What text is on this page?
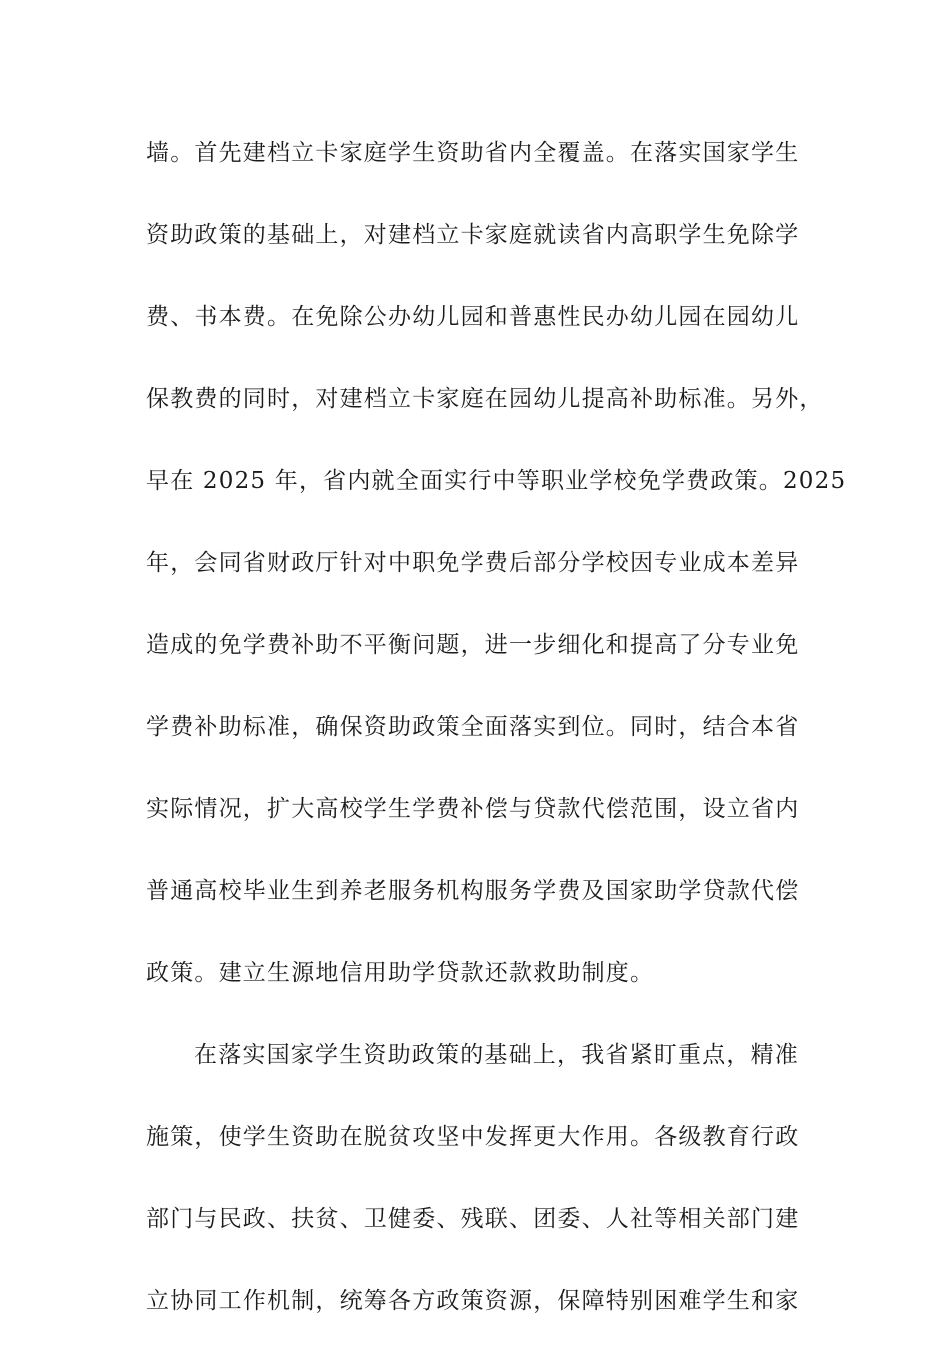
墙。首先建档立卡家庭学生资助省内全覆盖。在落实国家学生
资助政策的基础上，对建档立卡家庭就读省内高职学生免除学
费、书本费。在免除公办幼儿园和普惠性民办幼儿园在园幼儿
保教费的同时，对建档立卡家庭在园幼儿提高补助标准。另外，
早在 2025 年，省内就全面实行中等职业学校免学费政策。2025
年，会同省财政厅针对中职免学费后部分学校因专业成本差异
造成的免学费补助不平衡问题，进一步细化和提高了分专业免
学费补助标准，确保资助政策全面落实到位。同时，结合本省
实际情况，扩大高校学生学费补偿与贷款代偿范围，设立省内
普通高校毕业生到养老服务机构服务学费及国家助学贷款代偿
政策。建立生源地信用助学贷款还款救助制度。
在落实国家学生资助政策的基础上，我省紧盯重点，精准
施策，使学生资助在脱贫攻坚中发挥更大作用。各级教育行政
部门与民政、扶贫、卫健委、残联、团委、人社等相关部门建
立协同工作机制，统筹各方政策资源，保障特别困难学生和家
